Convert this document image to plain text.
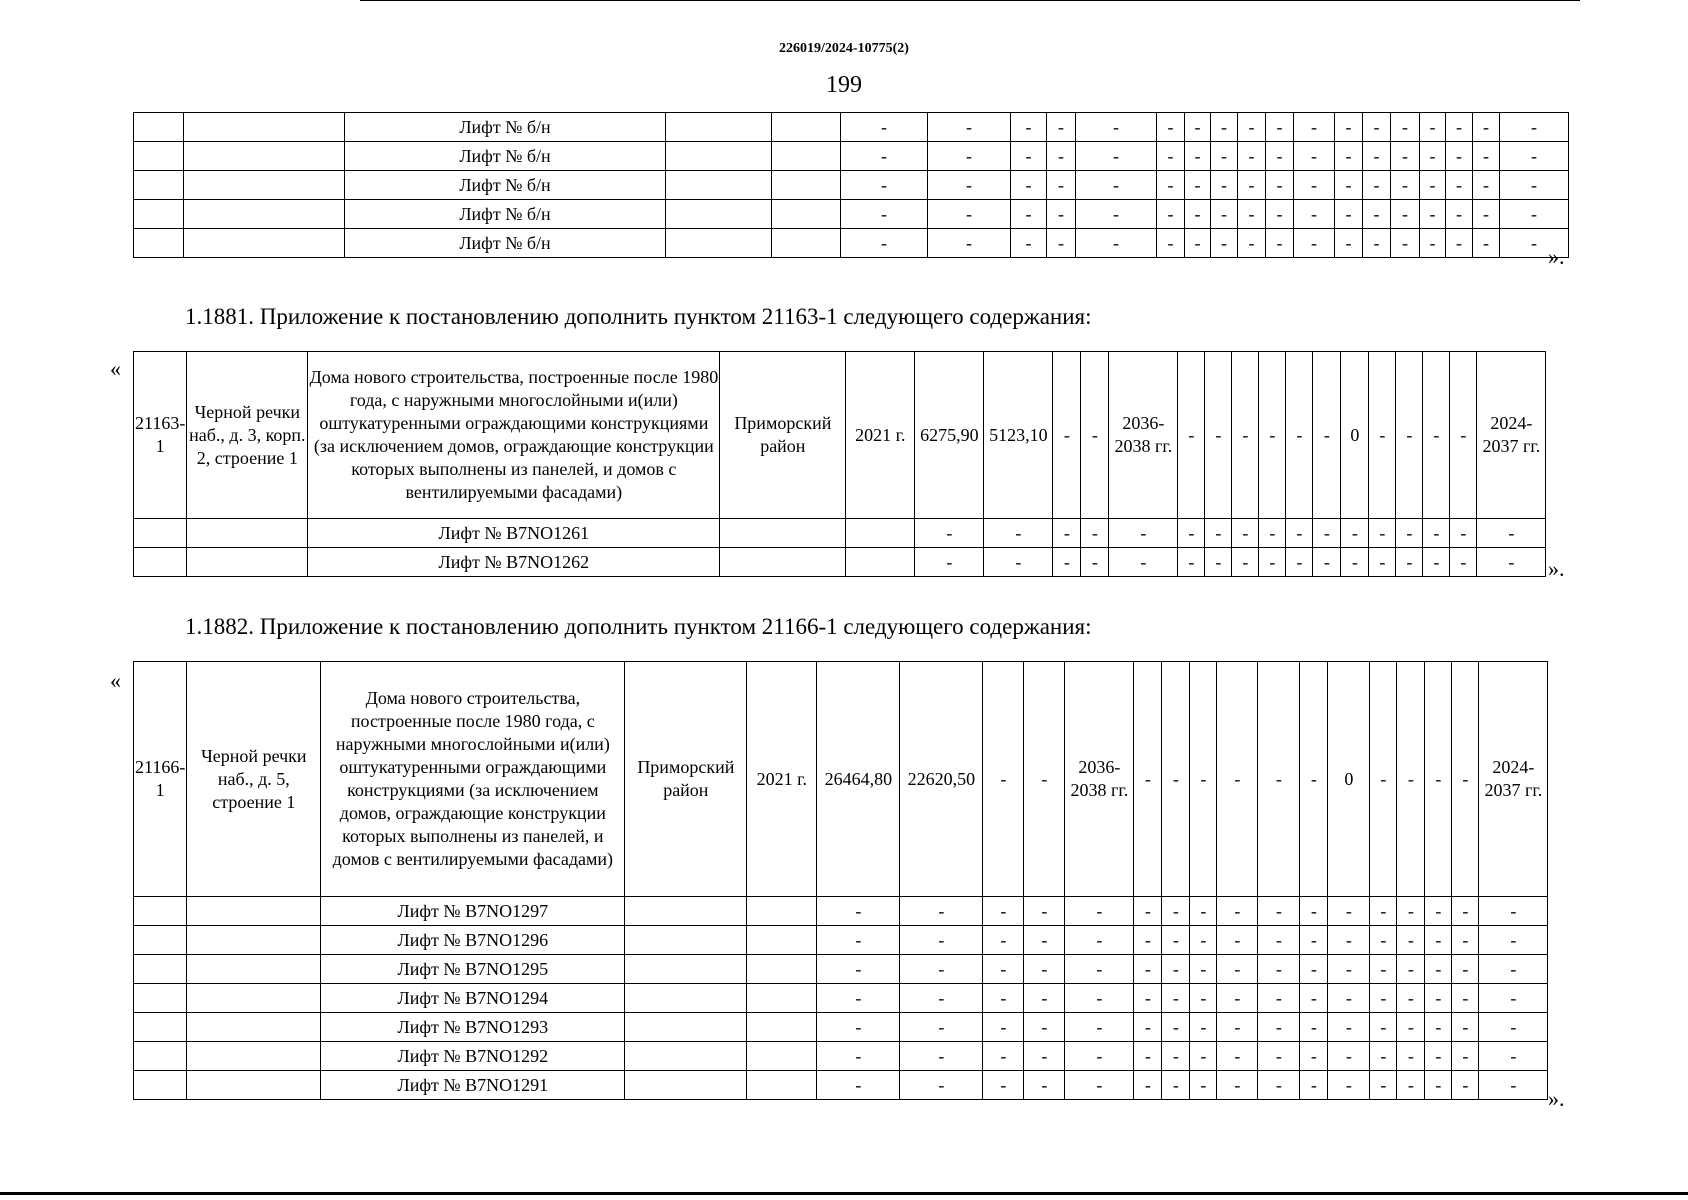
226019/2024-10775(2)
199
		Лифт № б/н			-	-	-	-	-	-	-	-	-	-	-	-	-	-	-	-	-	-
		Лифт № б/н			-	-	-	-	-	-	-	-	-	-	-	-	-	-	-	-	-	-
		Лифт № б/н			-	-	-	-	-	-	-	-	-	-	-	-	-	-	-	-	-	-
		Лифт № б/н			-	-	-	-	-	-	-	-	-	-	-	-	-	-	-	-	-	-
		Лифт № б/н			-	-	-	-	-	-	-	-	-	-	-	-	-	-	-	-	-	-
».
1.1881. Приложение к постановлению дополнить пунктом 21163-1 следующего содержания:
«
21163-1	Черной речки наб., д. 3, корп. 2, строение 1	Дома нового строительства, построенные после 1980 года, с наружными многослойными и(или) оштукатуренными ограждающими конструкциями (за исключением домов, ограждающие конструкции которых выполнены из панелей, и домов с вентилируемыми фасадами)	Приморский район	2021 г.	6275,90	5123,10	-	-	2036-2038 гг.	-	-	-	-	-	-	0	-	-	-	-	2024-2037 гг.
		Лифт № B7NO1261			-	-	-	-	-	-	-	-	-	-	-	-	-	-	-	-	-
		Лифт № B7NO1262			-	-	-	-	-	-	-	-	-	-	-	-	-	-	-	-	- ».
1.1882. Приложение к постановлению дополнить пунктом 21166-1 следующего содержания:
«
21166-1	Черной речки наб., д. 5, строение 1	Дома нового строительства, построенные после 1980 года, с наружными многослойными и(или) оштукатуренными ограждающими конструкциями (за исключением домов, ограждающие конструкции которых выполнены из панелей, и домов с вентилируемыми фасадами)	Приморский район	2021 г.	26464,80	22620,50	-	-	2036-2038 гг.	-	-	-	-	-	-	0	-	-	-	-	2024-2037 гг.
		Лифт № B7NO1297			-	-	-	-	-	-	-	-	-	-	-	-	-	-	-	-	-
		Лифт № B7NO1296			-	-	-	-	-	-	-	-	-	-	-	-	-	-	-	-	-
		Лифт № B7NO1295			-	-	-	-	-	-	-	-	-	-	-	-	-	-	-	-	-
		Лифт № B7NO1294			-	-	-	-	-	-	-	-	-	-	-	-	-	-	-	-	-
		Лифт № B7NO1293			-	-	-	-	-	-	-	-	-	-	-	-	-	-	-	-	-
		Лифт № B7NO1292			-	-	-	-	-	-	-	-	-	-	-	-	-	-	-	-	-
		Лифт № B7NO1291			-	-	-	-	-	-	-	-	-	-	-	-	-	-	-	-	-
».
